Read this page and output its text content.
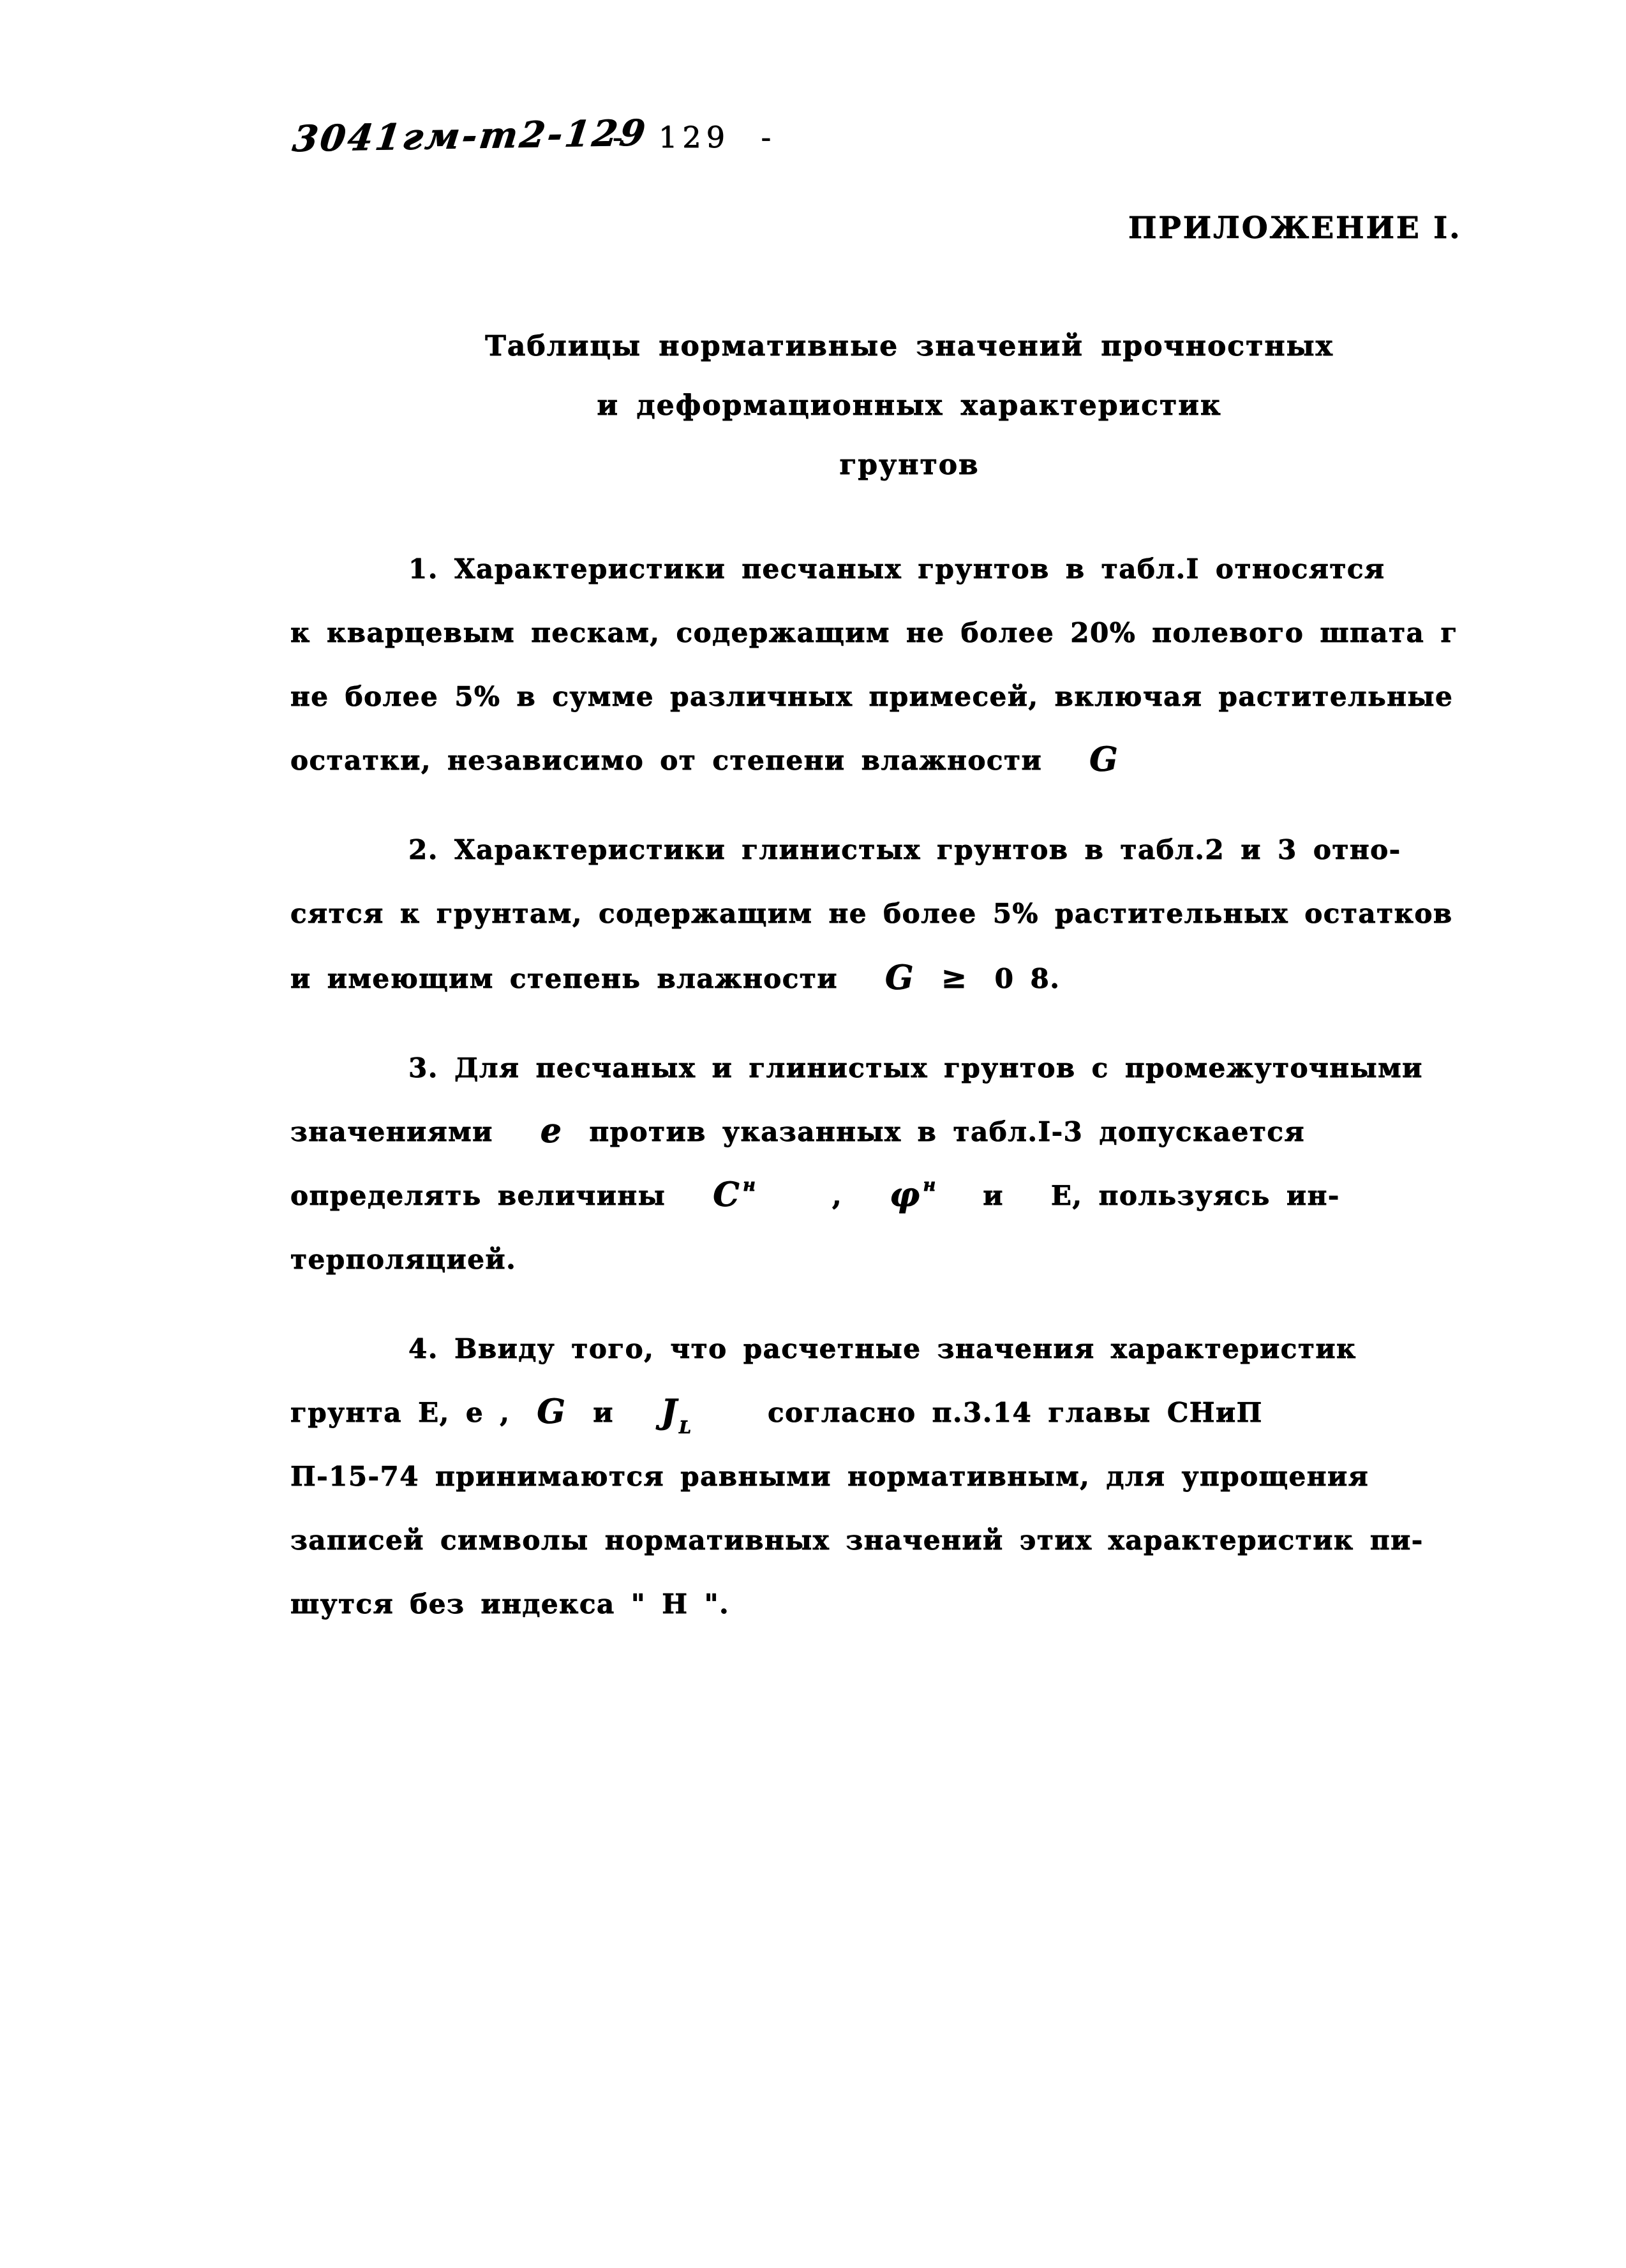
3041гм-т2-129- 129 -
ПРИЛОЖЕНИЕ I.
Таблицы нормативные значений прочностных
и деформационных характеристик
грунтов
1. Характеристики песчаных грунтов в табл.I относятся
к кварцевым пескам, содержащим не более 20% полевого шпата г
не более 5% в сумме различных примесей, включая растительные
остатки, независимо от степени влажности G
2. Характеристики глинистых грунтов в табл.2 и 3 отно-
сятся к грунтам, содержащим не более 5% растительных остатков
и имеющим степень влажности G ≥ 0 8.
3. Для песчаных и глинистых грунтов с промежуточными
значениями е против указанных в табл.I-3 допускается
определять величины С $^н$	, φ $^н$ и Е, пользуясь ин-
терполяцией.
4. Ввиду того, что расчетные значения характеристик
грунта Е, е , G и $J_L$	согласно п.3.14 главы СНиП
П-15-74 принимаются равными нормативным, для упрощения
записей символы нормативных значений этих характеристик пи-
шутся без индекса " Н ".
